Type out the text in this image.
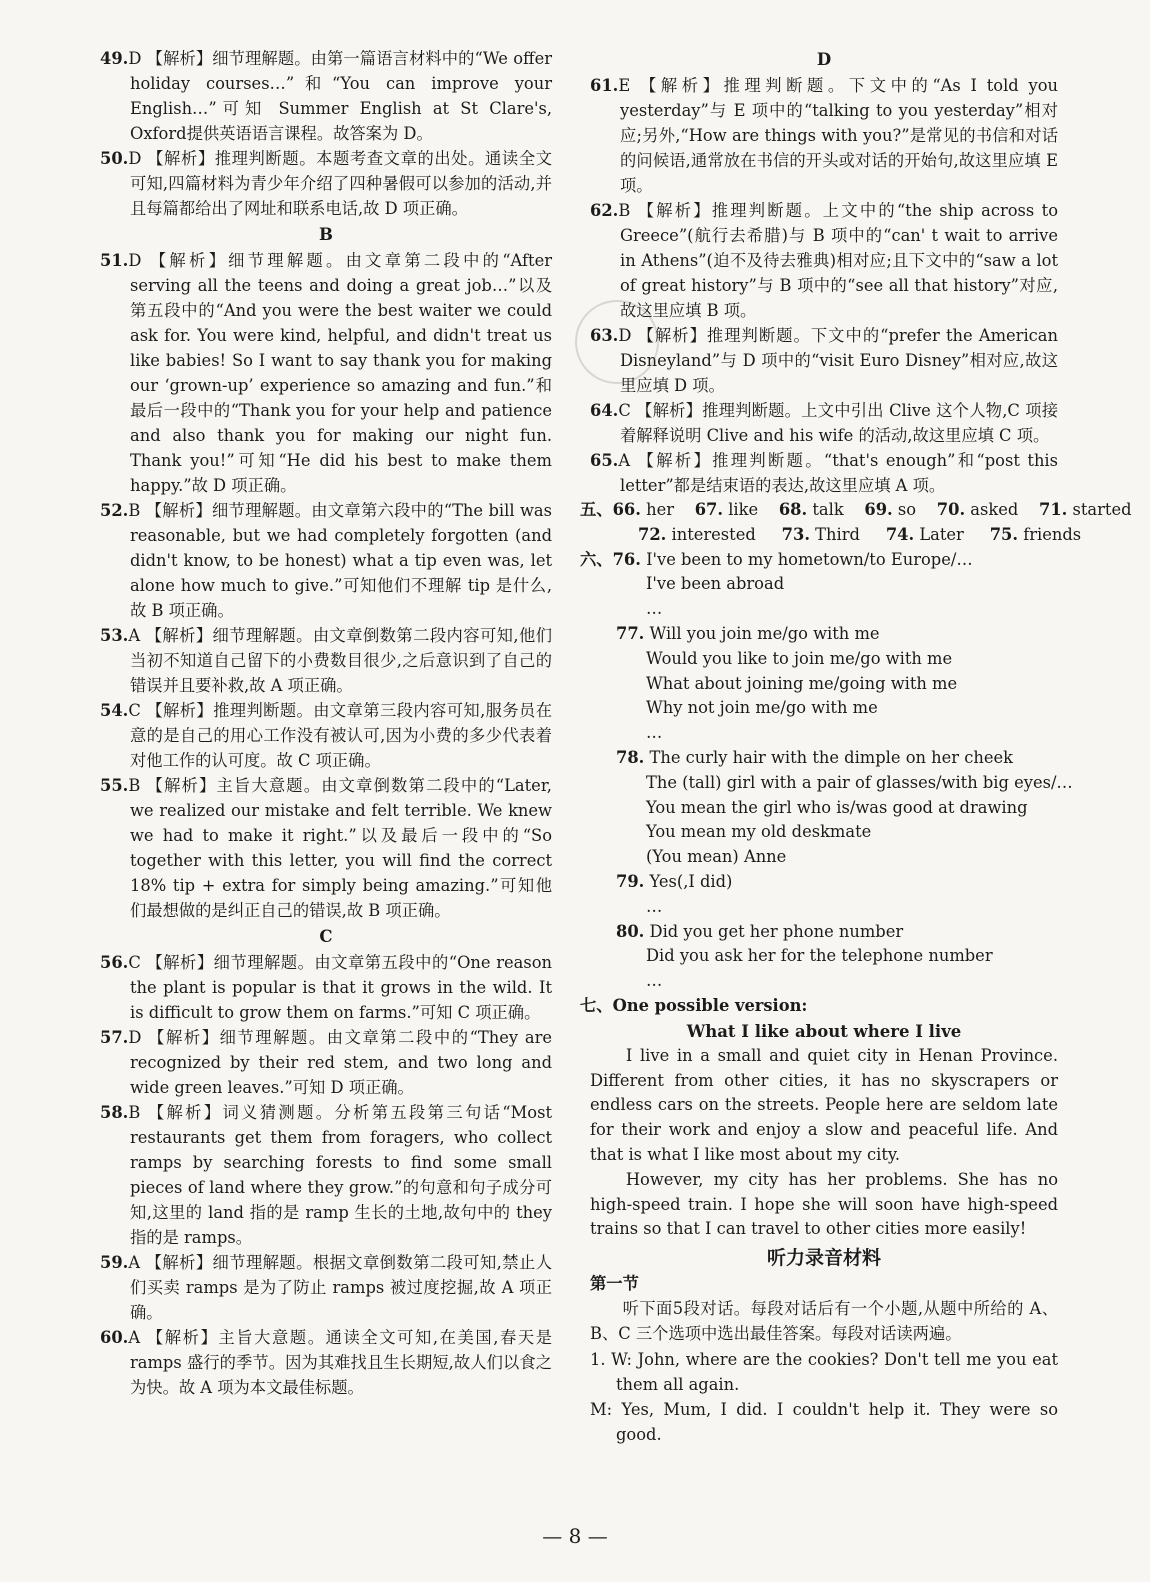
49.D 【解析】细节理解题。由第一篇语言材料中的“We offer holiday courses…”和“You can improve your English…”可知 Summer English at St Clare's, Oxford提供英语语言课程。故答案为 D。

50.D 【解析】推理判断题。本题考查文章的出处。通读全文可知,四篇材料为青少年介绍了四种暑假可以参加的活动,并且每篇都给出了网址和联系电话,故 D 项正确。

B

51.D 【解析】细节理解题。由文章第二段中的“After serving all the teens and doing a great job…”以及第五段中的“And you were the best waiter we could ask for. You were kind, helpful, and didn't treat us like babies! So I want to say thank you for making our ‘grown-up’ experience so amazing and fun.”和最后一段中的“Thank you for your help and patience and also thank you for making our night fun. Thank you!”可知“He did his best to make them happy.”故 D 项正确。

52.B 【解析】细节理解题。由文章第六段中的“The bill was reasonable, but we had completely forgotten (and didn't know, to be honest) what a tip even was, let alone how much to give.”可知他们不理解 tip 是什么,故 B 项正确。

53.A 【解析】细节理解题。由文章倒数第二段内容可知,他们当初不知道自己留下的小费数目很少,之后意识到了自己的错误并且要补救,故 A 项正确。

54.C 【解析】推理判断题。由文章第三段内容可知,服务员在意的是自己的用心工作没有被认可,因为小费的多少代表着对他工作的认可度。故 C 项正确。

55.B 【解析】主旨大意题。由文章倒数第二段中的“Later, we realized our mistake and felt terrible. We knew we had to make it right.”以及最后一段中的“So together with this letter, you will find the correct 18% tip + extra for simply being amazing.”可知他们最想做的是纠正自己的错误,故 B 项正确。

C

56.C 【解析】细节理解题。由文章第五段中的“One reason the plant is popular is that it grows in the wild. It is difficult to grow them on farms.”可知 C 项正确。

57.D 【解析】细节理解题。由文章第二段中的“They are recognized by their red stem, and two long and wide green leaves.”可知 D 项正确。

58.B 【解析】词义猜测题。分析第五段第三句话“Most restaurants get them from foragers, who collect ramps by searching forests to find some small pieces of land where they grow.”的句意和句子成分可知,这里的 land 指的是 ramp 生长的土地,故句中的 they 指的是 ramps。

59.A 【解析】细节理解题。根据文章倒数第二段可知,禁止人们买卖 ramps 是为了防止 ramps 被过度挖掘,故 A 项正确。

60.A 【解析】主旨大意题。通读全文可知,在美国,春天是 ramps 盛行的季节。因为其难找且生长期短,故人们以食之为快。故 A 项为本文最佳标题。

D

61.E 【解析】推理判断题。下文中的“As I told you yesterday”与 E 项中的“talking to you yesterday”相对应;另外,“How are things with you?”是常见的书信和对话的问候语,通常放在书信的开头或对话的开始句,故这里应填 E 项。

62.B 【解析】推理判断题。上文中的“the ship across to Greece”(航行去希腊)与 B 项中的“can' t wait to arrive in Athens”(迫不及待去雅典)相对应;且下文中的“saw a lot of great history”与 B 项中的“see all that history”对应,故这里应填 B 项。

63.D 【解析】推理判断题。下文中的“prefer the American Disneyland”与 D 项中的“visit Euro Disney”相对应,故这里应填 D 项。

64.C 【解析】推理判断题。上文中引出 Clive 这个人物,C 项接着解释说明 Clive and his wife 的活动,故这里应填 C 项。

65.A 【解析】推理判断题。“that's enough”和“post this letter”都是结束语的表达,故这里应填 A 项。

五、66. her 67. like 68. talk 69. so 70. asked 71. started
72. interested 73. Third 74. Later 75. friends
六、76. I've been to my hometown/to Europe/…
I've been abroad
…
77. Will you join me/go with me
Would you like to join me/go with me
What about joining me/going with me
Why not join me/go with me
…
78. The curly hair with the dimple on her cheek
The (tall) girl with a pair of glasses/with big eyes/…
You mean the girl who is/was good at drawing
You mean my old deskmate
(You mean) Anne
79. Yes(,I did)
…
80. Did you get her phone number
Did you ask her for the telephone number
…
七、One possible version:
What I like about where I live

I live in a small and quiet city in Henan Province. Different from other cities, it has no skyscrapers or endless cars on the streets. People here are seldom late for their work and enjoy a slow and peaceful life. And that is what I like most about my city.

However, my city has her problems. She has no high-speed train. I hope she will soon have high-speed trains so that I can travel to other cities more easily!

听力录音材料
第一节

听下面5段对话。每段对话后有一个小题,从题中所给的 A、B、C 三个选项中选出最佳答案。每段对话读两遍。

1. W: John, where are the cookies? Don't tell me you eat them all again.

M: Yes, Mum, I did. I couldn't help it. They were so good.

— 8 —
